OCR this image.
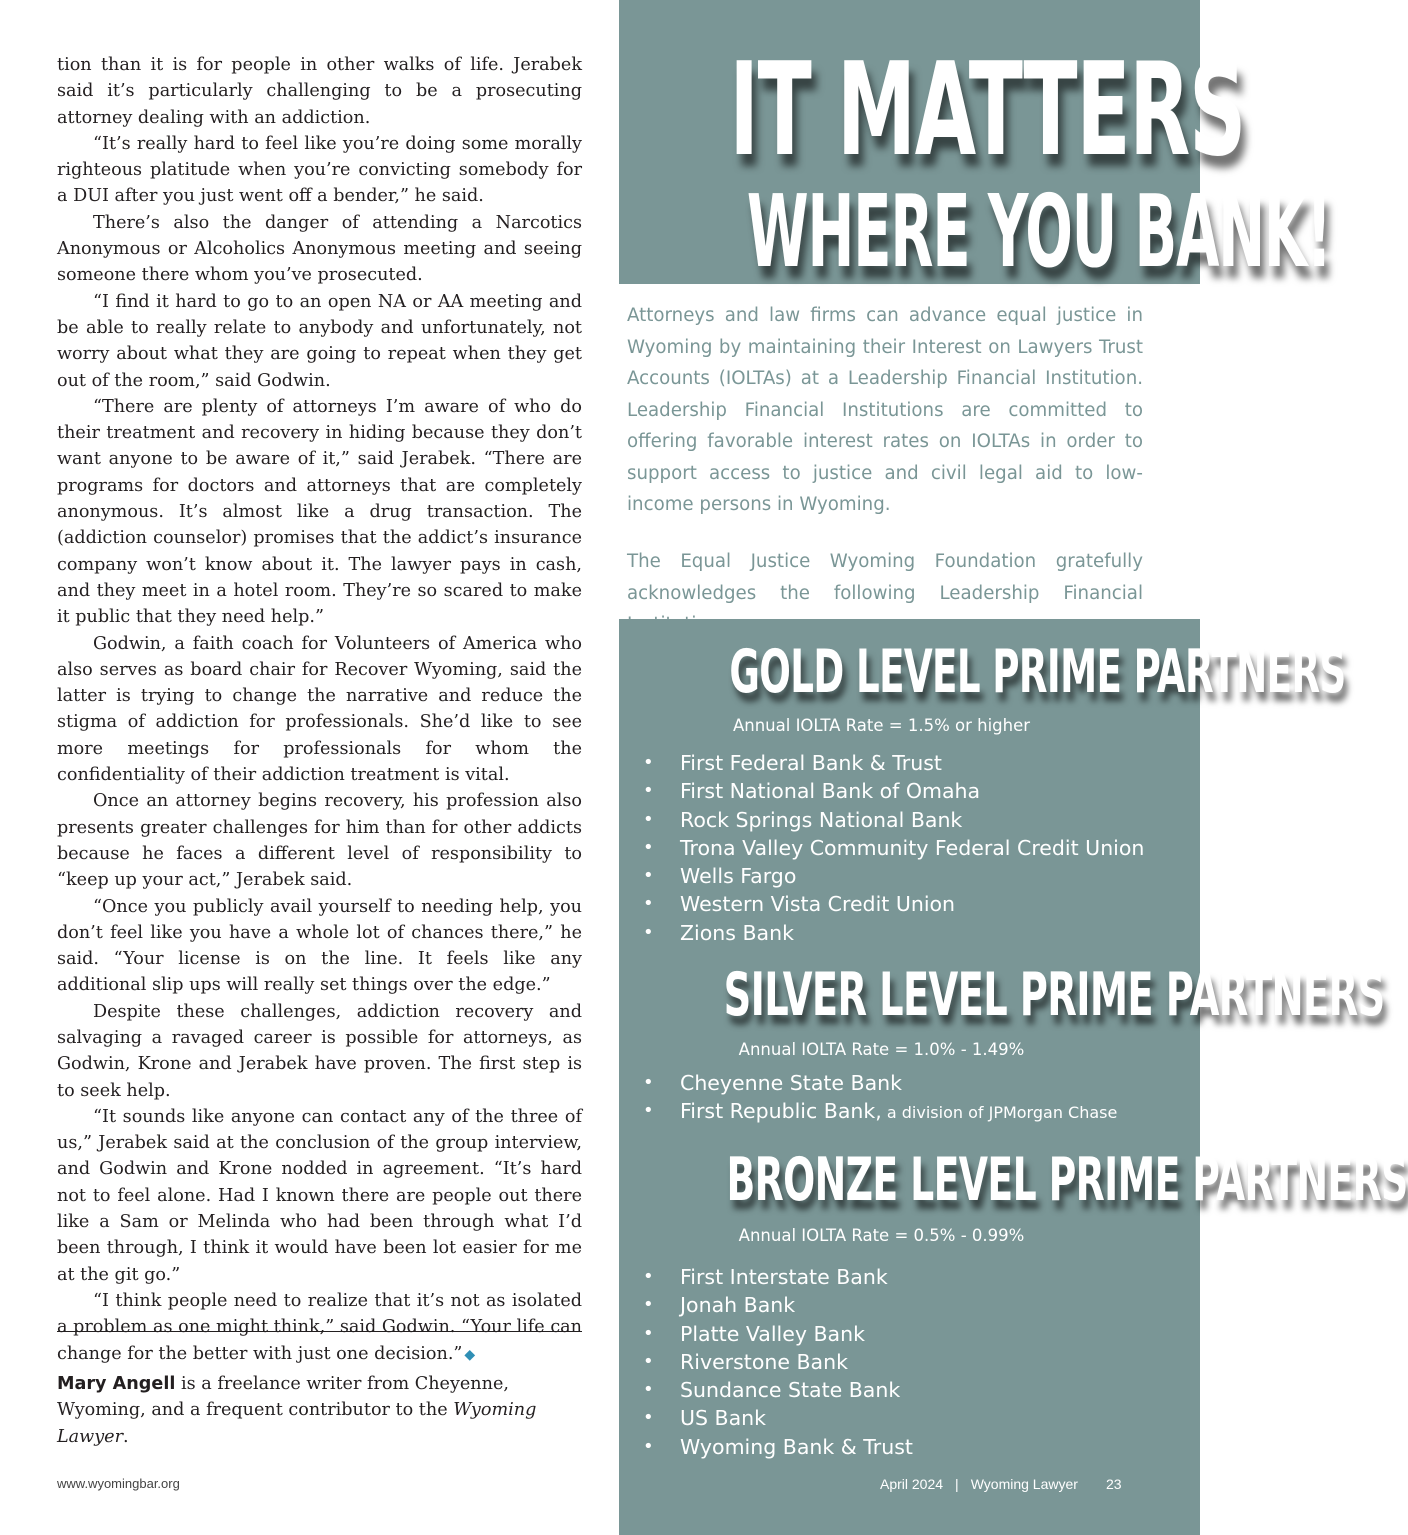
tion than it is for people in other walks of life. Jerabek said it’s particularly challenging to be a prosecuting attorney dealing with an addiction.

“It’s really hard to feel like you’re doing some morally righteous platitude when you’re convicting somebody for a DUI after you just went off a bender,” he said.

There’s also the danger of attending a Narcotics Anonymous or Alcoholics Anonymous meeting and seeing someone there whom you’ve prosecuted.

“I find it hard to go to an open NA or AA meeting and be able to really relate to anybody and unfortunately, not worry about what they are going to repeat when they get out of the room,” said Godwin.

“There are plenty of attorneys I’m aware of who do their treatment and recovery in hiding because they don’t want anyone to be aware of it,” said Jerabek. “There are programs for doctors and attorneys that are completely anonymous. It’s almost like a drug transaction. The (addiction counselor) promises that the addict’s insurance company won’t know about it. The lawyer pays in cash, and they meet in a hotel room. They’re so scared to make it public that they need help.”

Godwin, a faith coach for Volunteers of America who also serves as board chair for Recover Wyoming, said the latter is trying to change the narrative and reduce the stigma of addiction for professionals. She’d like to see more meetings for professionals for whom the confidentiality of their addiction treatment is vital.

Once an attorney begins recovery, his profession also presents greater challenges for him than for other addicts because he faces a different level of responsibility to “keep up your act,” Jerabek said.

“Once you publicly avail yourself to needing help, you don’t feel like you have a whole lot of chances there,” he said. “Your license is on the line. It feels like any additional slip ups will really set things over the edge.”

Despite these challenges, addiction recovery and salvaging a ravaged career is possible for attorneys, as Godwin, Krone and Jerabek have proven. The first step is to seek help.

“It sounds like anyone can contact any of the three of us,” Jerabek said at the conclusion of the group interview, and Godwin and Krone nodded in agreement. “It’s hard not to feel alone. Had I known there are people out there like a Sam or Melinda who had been through what I’d been through, I think it would have been lot easier for me at the git go.”

“I think people need to realize that it’s not as isolated a problem as one might think,” said Godwin. “Your life can change for the better with just one decision.” ◆

Mary Angell is a freelance writer from Cheyenne, Wyoming, and a frequent contributor to the Wyoming Lawyer.
www.wyomingbar.org
IT MATTERS
WHERE YOU BANK!

Attorneys and law firms can advance equal justice in Wyoming by maintaining their Interest on Lawyers Trust Accounts (IOLTAs) at a Leadership Financial Institution. Leadership Financial Institutions are committed to offering favorable interest rates on IOLTAs in order to support access to justice and civil legal aid to low-income persons in Wyoming.

The Equal Justice Wyoming Foundation gratefully acknowledges the following Leadership Financial

GOLD LEVEL PRIME PARTNERS
Annual IOLTA Rate = 1.5% or higher
• First Federal Bank & Trust
• First National Bank of Omaha
• Rock Springs National Bank
• Trona Valley Community Federal Credit Union
• Wells Fargo
• Western Vista Credit Union
• Zions Bank
SILVER LEVEL PRIME PARTNERS
Annual IOLTA Rate = 1.0% - 1.49%
• Cheyenne State Bank
• First Republic Bank, a division of JPMorgan Chase
BRONZE LEVEL PRIME PARTNERS
Annual IOLTA Rate = 0.5% - 0.99%
• First Interstate Bank
• Jonah Bank
• Platte Valley Bank
• Riverstone Bank
• Sundance State Bank
• US Bank
• Wyoming Bank & Trust
April 2024 | Wyoming Lawyer 23
